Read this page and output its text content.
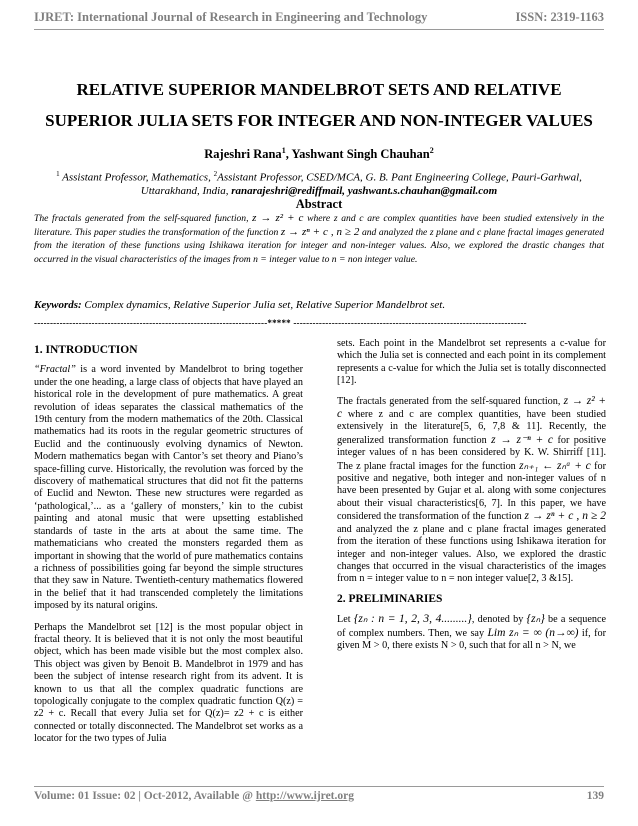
IJRET: International Journal of Research in Engineering and Technology	ISSN: 2319-1163
RELATIVE SUPERIOR MANDELBROT SETS AND RELATIVE
SUPERIOR JULIA SETS FOR INTEGER AND NON-INTEGER VALUES
Rajeshri Rana$^1$, Yashwant Singh Chauhan$^2$
$^1$ Assistant Professor, Mathematics, $^2$Assistant Professor, CSED/MCA, G. B. Pant Engineering College, Pauri-Garhwal, Uttarakhand, India, ranarajeshri@rediffmail, yashwant.s.chauhan@gmail.com
Abstract
The fractals generated from the self-squared function, z → z² + c where z and c are complex quantities have been studied extensively in the literature. This paper studies the transformation of the function z → zⁿ + c , n ≥ 2 and analyzed the z plane and c plane fractal images generated from the iteration of these functions using Ishikawa iteration for integer and non-integer values. Also, we explored the drastic changes that occurred in the visual characteristics of the images from n = integer value to n = non integer value.
Keywords: Complex dynamics, Relative Superior Julia set, Relative Superior Mandelbrot set.
-------------------------------------------------------------------------***** -------------------------------------------------------------------------
1. INTRODUCTION

“Fractal” is a word invented by Mandelbrot to bring together under the one heading, a large class of objects that have played an historical role in the development of pure mathematics. A great revolution of ideas separates the classical mathematics of the 19th century from the modern mathematics of the 20th. Classical mathematics had its roots in the regular geometric structures of Euclid and the continuously evolving dynamics of Newton. Modern mathematics began with Cantor’s set theory and Piano’s space-filling curve. Historically, the revolution was forced by the discovery of mathematical structures that did not fit the patterns of Euclid and Newton. These new structures were regarded as ‘pathological,’... as a ‘gallery of monsters,’ kin to the cubist painting and atonal music that were upsetting established standards of taste in the arts at about the same time. The mathematicians who created the monsters regarded them as important in showing that the world of pure mathematics contains a richness of possibilities going far beyond the simple structures that they saw in Nature. Twentieth-century mathematics flowered in the belief that it had transcended completely the limitations imposed by its natural origins.

Perhaps the Mandelbrot set [12] is the most popular object in fractal theory. It is believed that it is not only the most beautiful object, which has been made visible but the most complex also. This object was given by Benoit B. Mandelbrot in 1979 and has been the subject of intense research right from its advent. It is known to us that all the complex quadratic functions are topologically conjugate to the complex quadratic function Q(z) = z2 + c. Recall that every Julia set for Q(z)= z2 + c is either connected or totally disconnected. The Mandelbrot set works as a locator for the two types of Julia

sets. Each point in the Mandelbrot set represents a c-value for which the Julia set is connected and each point in its complement represents a c-value for which the Julia set is totally disconnected [12].

The fractals generated from the self-squared function, z → z² + c where z and c are complex quantities, have been studied extensively in the literature[5, 6, 7,8 & 11]. Recently, the generalized transformation function z → z⁻ⁿ + c for positive integer values of n has been considered by K. W. Shirriff [11]. The z plane fractal images for the function zₙ₊₁ ← zₙᵅ + c for positive and negative, both integer and non-integer values of n have been presented by Gujar et al. along with some conjectures about their visual characteristics[6, 7]. In this paper, we have considered the transformation of the function z → zⁿ + c , n ≥ 2 and analyzed the z plane and c plane fractal images generated from the iteration of these functions using Ishikawa iteration for integer and non-integer values. Also, we explored the drastic changes that occurred in the visual characteristics of the images from n = integer value to n = non integer value[2, 3 &15].

2. PRELIMINARIES

Let {zₙ : n = 1, 2, 3, 4.........}, denoted by {zₙ} be a sequence of complex numbers. Then, we say Lim zₙ = ∞ (n→∞) if, for given M > 0, there exists N > 0, such that for all n > N, we

Volume: 01 Issue: 02 | Oct-2012, Available @ http://www.ijret.org	139
